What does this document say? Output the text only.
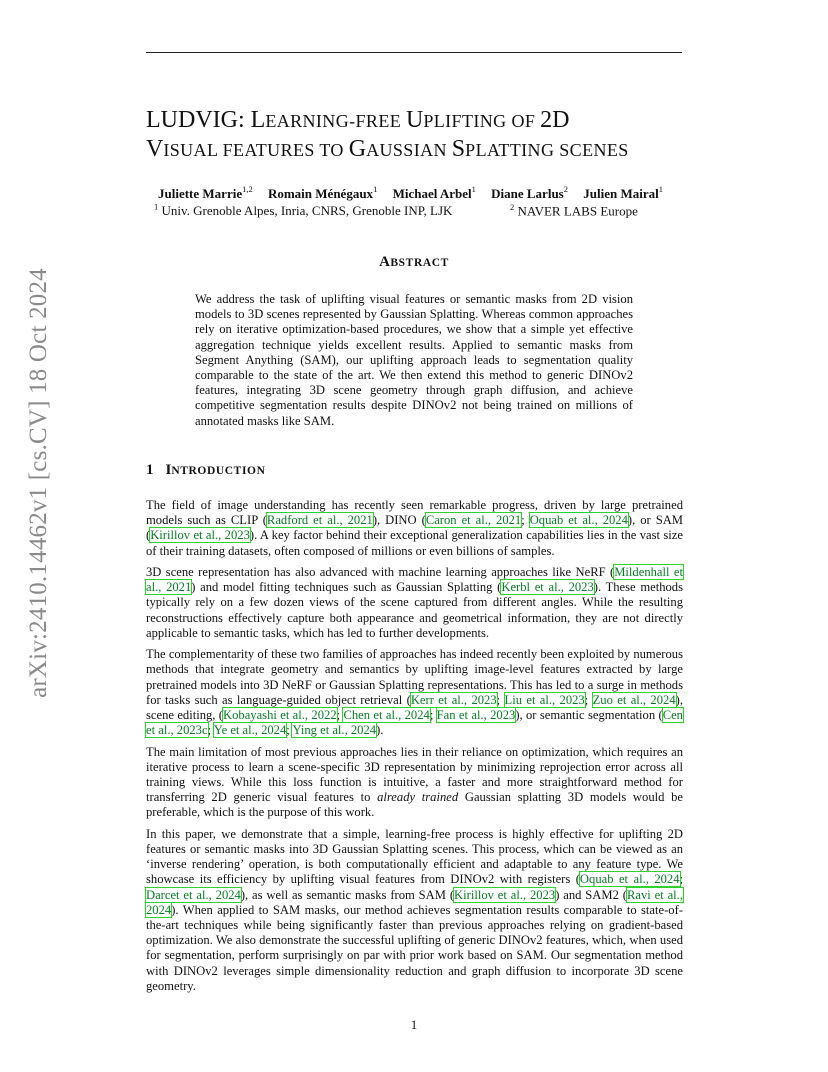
arXiv:2410.14462v1 [cs.CV] 18 Oct 2024
LUDVIG: LEARNING-FREE UPLIFTING OF 2D
VISUAL FEATURES TO GAUSSIAN SPLATTING SCENES
Juliette Marrie$^{1,2}$ Romain Ménégaux$^1$ Michael Arbel$^1$ Diane Larlus$^2$ Julien Mairal$^1$
$^1$ Univ. Grenoble Alpes, Inria, CNRS, Grenoble INP, LJK	$^2$ NAVER LABS Europe
ABSTRACT

We address the task of uplifting visual features or semantic masks from 2D vision models to 3D scenes represented by Gaussian Splatting. Whereas common approaches rely on iterative optimization-based procedures, we show that a simple yet effective aggregation technique yields excellent results. Applied to semantic masks from Segment Anything (SAM), our uplifting approach leads to segmentation quality comparable to the state of the art. We then extend this method to generic DINOv2 features, integrating 3D scene geometry through graph diffusion, and achieve competitive segmentation results despite DINOv2 not being trained on millions of annotated masks like SAM.

1 INTRODUCTION

The field of image understanding has recently seen remarkable progress, driven by large pretrained models such as CLIP (Radford et al., 2021), DINO (Caron et al., 2021; Oquab et al., 2024), or SAM (Kirillov et al., 2023). A key factor behind their exceptional generalization capabilities lies in the vast size of their training datasets, often composed of millions or even billions of samples.

3D scene representation has also advanced with machine learning approaches like NeRF (Mildenhall et al., 2021) and model fitting techniques such as Gaussian Splatting (Kerbl et al., 2023). These methods typically rely on a few dozen views of the scene captured from different angles. While the resulting reconstructions effectively capture both appearance and geometrical information, they are not directly applicable to semantic tasks, which has led to further developments.

The complementarity of these two families of approaches has indeed recently been exploited by numerous methods that integrate geometry and semantics by uplifting image-level features extracted by large pretrained models into 3D NeRF or Gaussian Splatting representations. This has led to a surge in methods for tasks such as language-guided object retrieval (Kerr et al., 2023; Liu et al., 2023; Zuo et al., 2024), scene editing, (Kobayashi et al., 2022; Chen et al., 2024; Fan et al., 2023), or semantic segmentation (Cen et al., 2023c; Ye et al., 2024; Ying et al., 2024).

The main limitation of most previous approaches lies in their reliance on optimization, which requires an iterative process to learn a scene-specific 3D representation by minimizing reprojection error across all training views. While this loss function is intuitive, a faster and more straightforward method for transferring 2D generic visual features to already trained Gaussian splatting 3D models would be preferable, which is the purpose of this work.

In this paper, we demonstrate that a simple, learning-free process is highly effective for uplifting 2D features or semantic masks into 3D Gaussian Splatting scenes. This process, which can be viewed as an ‘inverse rendering’ operation, is both computationally efficient and adaptable to any feature type. We showcase its efficiency by uplifting visual features from DINOv2 with registers (Oquab et al., 2024; Darcet et al., 2024), as well as semantic masks from SAM (Kirillov et al., 2023) and SAM2 (Ravi et al., 2024). When applied to SAM masks, our method achieves segmentation results comparable to state-of-the-art techniques while being significantly faster than previous approaches relying on gradient-based optimization. We also demonstrate the successful uplifting of generic DINOv2 features, which, when used for segmentation, perform surprisingly on par with prior work based on SAM. Our segmentation method with DINOv2 leverages simple dimensionality reduction and graph diffusion to incorporate 3D scene geometry.

1
